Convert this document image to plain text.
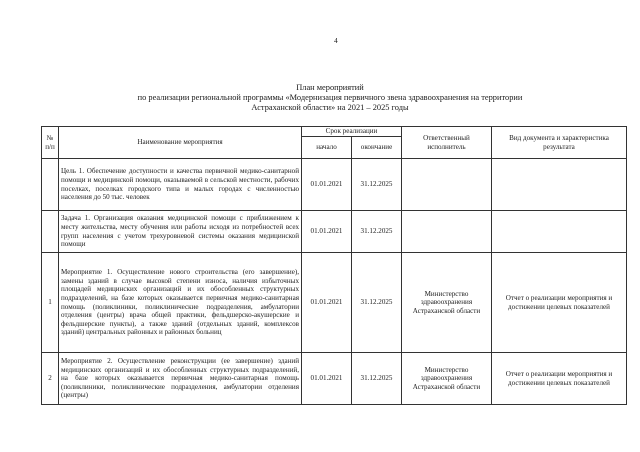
4
План мероприятий
по реализации региональной программы «Модернизация первичного звена здравоохранения на территории
Астраханской области» на 2021 – 2025 годы
№ п/п	Наименование мероприятия	Срок реализации		Ответственный исполнитель	Вид документа и характеристика результата
		начало	окончание		

	Цель 1. Обеспечение доступности и качества первичной медико-санитарной помощи и медицинской помощи, оказываемой в сельской местности, рабочих поселках, поселках городского типа и малых городах с численностью населения до 50 тыс. человек	01.01.2021	31.12.2025		

	Задача 1. Организация оказания медицинской помощи с приближением к месту жительства, месту обучения или работы исходя из потребностей всех групп населения с учетом трехуровневой системы оказания медицинской помощи	01.01.2021	31.12.2025		
1	Мероприятие 1. Осуществление нового строительства (его завершение), замены зданий в случае высокой степени износа, наличия избыточных площадей медицинских организаций и их обособленных структурных подразделений, на базе которых оказывается первичная медико-санитарная помощь (поликлиники, поликлинические подразделения, амбулатории отделения (центры) врача общей практики, фельдшерско-акушерские и фельдшерские пункты), а также зданий (отдельных зданий, комплексов зданий) центральных районных и районных больниц	01.01.2021	31.12.2025	Министерство здравоохранения Астраханской области	Отчет о реализации мероприятия и достижении целевых показателей
2	Мероприятие 2. Осуществление реконструкции (ее завершение) зданий медицинских организаций и их обособленных структурных подразделений, на базе которых оказывается первичная медико-санитарная помощь (поликлиники, поликлинические подразделения, амбулатории отделения (центры)	01.01.2021	31.12.2025	Министерство здравоохранения Астраханской области	Отчет о реализации мероприятия и достижении целевых показателей
